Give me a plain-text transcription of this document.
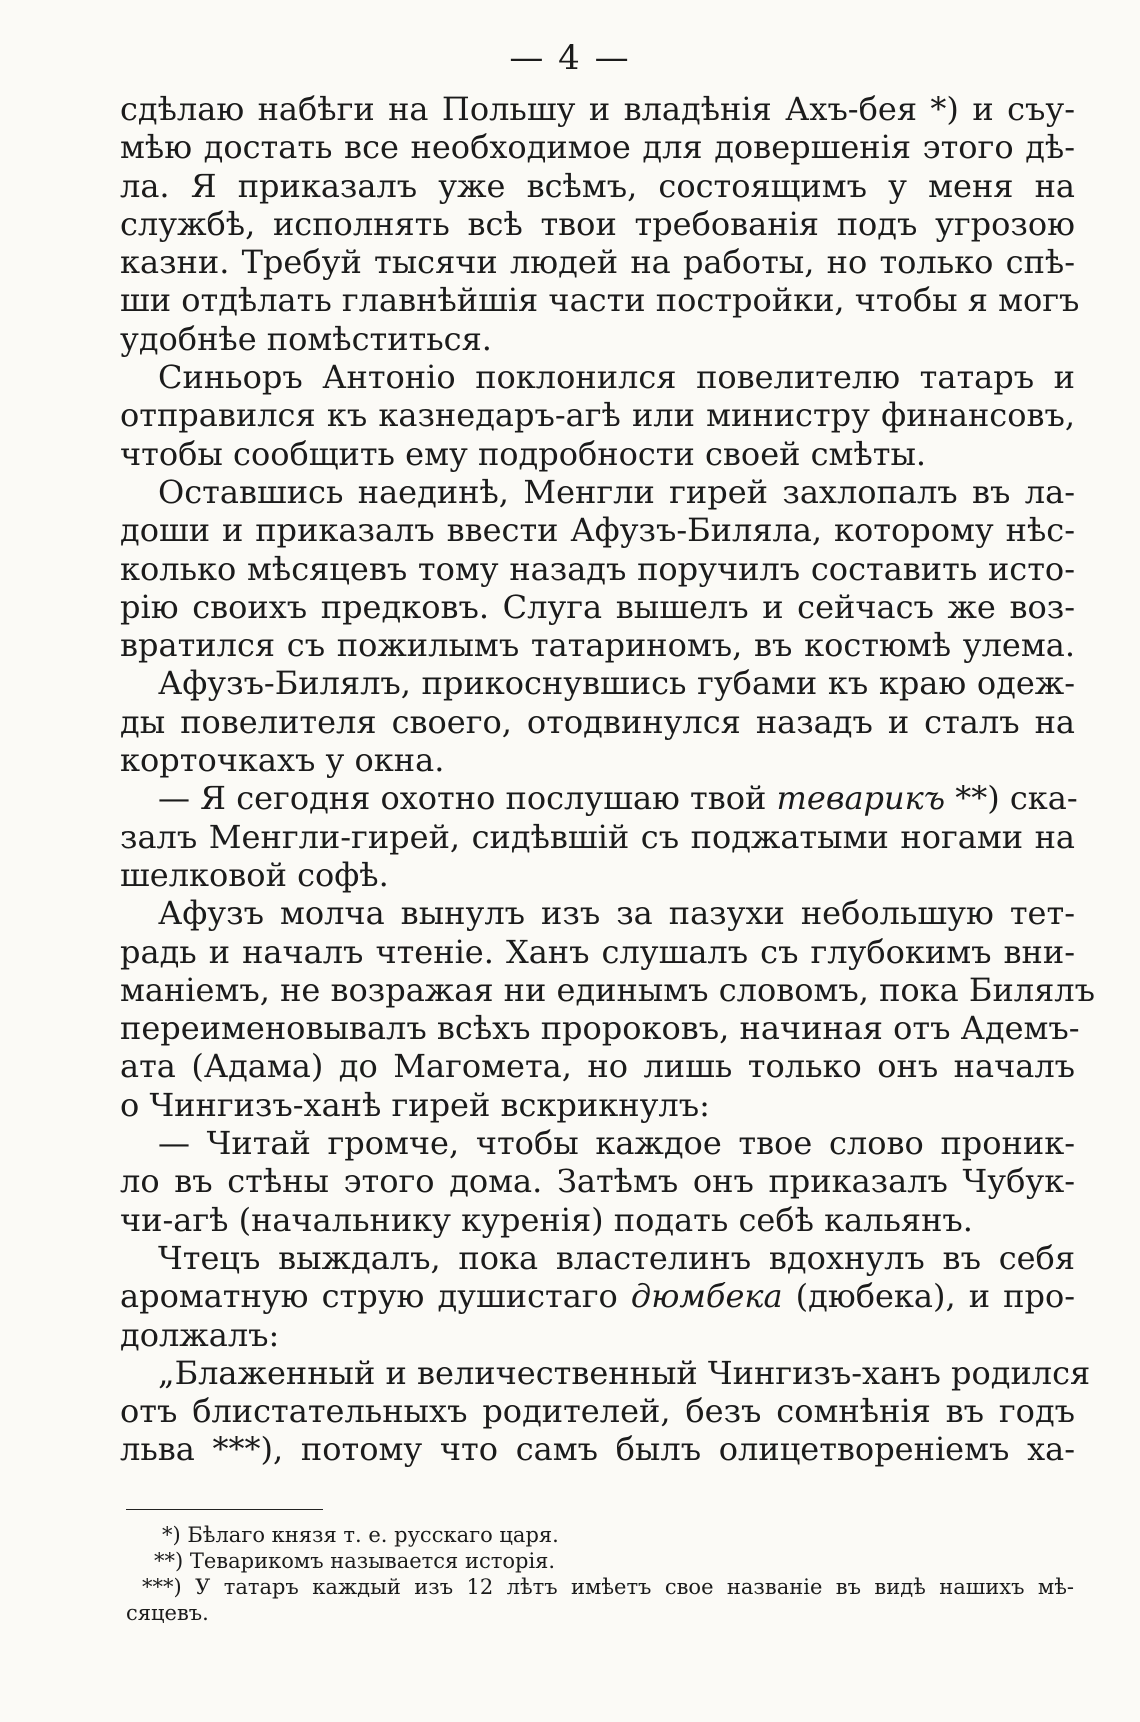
— 4 —

сдѣлаю набѣги на Польшу и владѣнія Ахъ-бея *) и съу-
мѣю достать все необходимое для довершенія этого дѣ-
ла. Я приказалъ уже всѣмъ, состоящимъ у меня на
службѣ, исполнять всѣ твои требованія подъ угрозою
казни. Требуй тысячи людей на работы, но только спѣ-
ши отдѣлать главнѣйшія части постройки, чтобы я могъ
удобнѣе помѣститься.

Синьоръ Антоніо поклонился повелителю татаръ и
отправился къ казнедаръ-агѣ или министру финансовъ,
чтобы сообщить ему подробности своей смѣты.

Оставшись наединѣ, Менгли гирей захлопалъ въ ла-
доши и приказалъ ввести Афузъ-Биляла, которому нѣс-
колько мѣсяцевъ тому назадъ поручилъ составить исто-
рію своихъ предковъ. Слуга вышелъ и сейчасъ же воз-
вратился съ пожилымъ татариномъ, въ костюмѣ улема.

Афузъ-Билялъ, прикоснувшись губами къ краю одеж-
ды повелителя своего, отодвинулся назадъ и сталъ на
корточкахъ у окна.

— Я сегодня охотно послушаю твой теварикъ **) ска-
залъ Менгли-гирей, сидѣвшій съ поджатыми ногами на
шелковой софѣ.

Афузъ молча вынулъ изъ за пазухи небольшую тет-
радь и началъ чтеніе. Ханъ слушалъ съ глубокимъ вни-
маніемъ, не возражая ни единымъ словомъ, пока Билялъ
переименовывалъ всѣхъ пророковъ, начиная отъ Адемъ-
ата (Адама) до Магомета, но лишь только онъ началъ
о Чингизъ-ханѣ гирей вскрикнулъ:

— Читай громче, чтобы каждое твое слово проник-
ло въ стѣны этого дома. Затѣмъ онъ приказалъ Чубук-
чи-агѣ (начальнику куренія) подать себѣ кальянъ.

Чтецъ выждалъ, пока властелинъ вдохнулъ въ себя
ароматную струю душистаго дюмбека (дюбека), и про-
должалъ:

„Блаженный и величественный Чингизъ-ханъ родился
отъ блистательныхъ родителей, безъ сомнѣнія въ годъ
льва ***), потому что самъ былъ олицетвореніемъ ха-

*) Бѣлаго князя т. е. русскаго царя.
**) Теварикомъ называется исторія.
***) У татаръ каждый изъ 12 лѣтъ имѣетъ свое названіе въ видѣ нашихъ мѣ-
сяцевъ.
